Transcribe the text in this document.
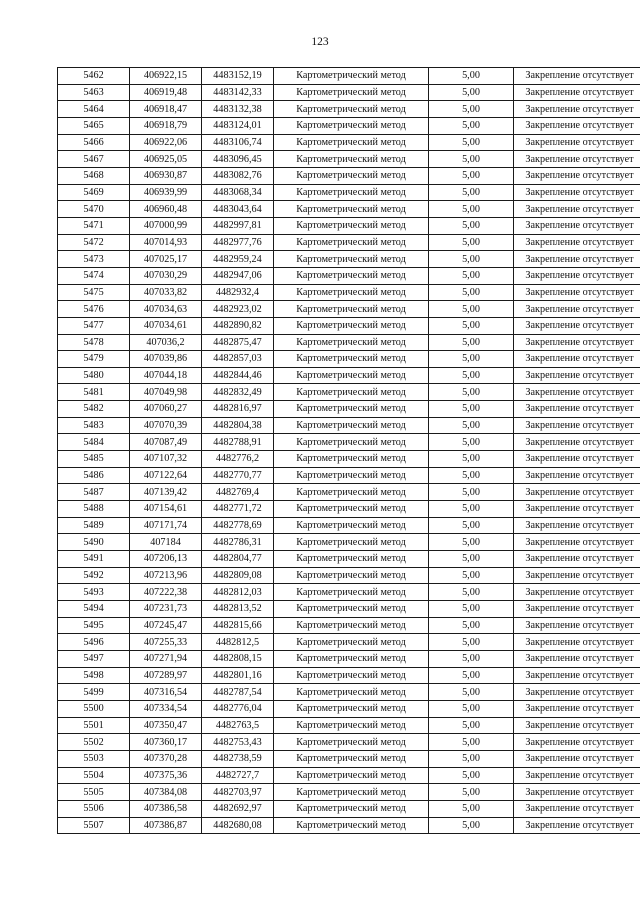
123
5462	406922,15	4483152,19	Картометрический метод	5,00	Закрепление отсутствует
5463	406919,48	4483142,33	Картометрический метод	5,00	Закрепление отсутствует
5464	406918,47	4483132,38	Картометрический метод	5,00	Закрепление отсутствует
5465	406918,79	4483124,01	Картометрический метод	5,00	Закрепление отсутствует
5466	406922,06	4483106,74	Картометрический метод	5,00	Закрепление отсутствует
5467	406925,05	4483096,45	Картометрический метод	5,00	Закрепление отсутствует
5468	406930,87	4483082,76	Картометрический метод	5,00	Закрепление отсутствует
5469	406939,99	4483068,34	Картометрический метод	5,00	Закрепление отсутствует
5470	406960,48	4483043,64	Картометрический метод	5,00	Закрепление отсутствует
5471	407000,99	4482997,81	Картометрический метод	5,00	Закрепление отсутствует
5472	407014,93	4482977,76	Картометрический метод	5,00	Закрепление отсутствует
5473	407025,17	4482959,24	Картометрический метод	5,00	Закрепление отсутствует
5474	407030,29	4482947,06	Картометрический метод	5,00	Закрепление отсутствует
5475	407033,82	4482932,4	Картометрический метод	5,00	Закрепление отсутствует
5476	407034,63	4482923,02	Картометрический метод	5,00	Закрепление отсутствует
5477	407034,61	4482890,82	Картометрический метод	5,00	Закрепление отсутствует
5478	407036,2	4482875,47	Картометрический метод	5,00	Закрепление отсутствует
5479	407039,86	4482857,03	Картометрический метод	5,00	Закрепление отсутствует
5480	407044,18	4482844,46	Картометрический метод	5,00	Закрепление отсутствует
5481	407049,98	4482832,49	Картометрический метод	5,00	Закрепление отсутствует
5482	407060,27	4482816,97	Картометрический метод	5,00	Закрепление отсутствует
5483	407070,39	4482804,38	Картометрический метод	5,00	Закрепление отсутствует
5484	407087,49	4482788,91	Картометрический метод	5,00	Закрепление отсутствует
5485	407107,32	4482776,2	Картометрический метод	5,00	Закрепление отсутствует
5486	407122,64	4482770,77	Картометрический метод	5,00	Закрепление отсутствует
5487	407139,42	4482769,4	Картометрический метод	5,00	Закрепление отсутствует
5488	407154,61	4482771,72	Картометрический метод	5,00	Закрепление отсутствует
5489	407171,74	4482778,69	Картометрический метод	5,00	Закрепление отсутствует
5490	407184	4482786,31	Картометрический метод	5,00	Закрепление отсутствует
5491	407206,13	4482804,77	Картометрический метод	5,00	Закрепление отсутствует
5492	407213,96	4482809,08	Картометрический метод	5,00	Закрепление отсутствует
5493	407222,38	4482812,03	Картометрический метод	5,00	Закрепление отсутствует
5494	407231,73	4482813,52	Картометрический метод	5,00	Закрепление отсутствует
5495	407245,47	4482815,66	Картометрический метод	5,00	Закрепление отсутствует
5496	407255,33	4482812,5	Картометрический метод	5,00	Закрепление отсутствует
5497	407271,94	4482808,15	Картометрический метод	5,00	Закрепление отсутствует
5498	407289,97	4482801,16	Картометрический метод	5,00	Закрепление отсутствует
5499	407316,54	4482787,54	Картометрический метод	5,00	Закрепление отсутствует
5500	407334,54	4482776,04	Картометрический метод	5,00	Закрепление отсутствует
5501	407350,47	4482763,5	Картометрический метод	5,00	Закрепление отсутствует
5502	407360,17	4482753,43	Картометрический метод	5,00	Закрепление отсутствует
5503	407370,28	4482738,59	Картометрический метод	5,00	Закрепление отсутствует
5504	407375,36	4482727,7	Картометрический метод	5,00	Закрепление отсутствует
5505	407384,08	4482703,97	Картометрический метод	5,00	Закрепление отсутствует
5506	407386,58	4482692,97	Картометрический метод	5,00	Закрепление отсутствует
5507	407386,87	4482680,08	Картометрический метод	5,00	Закрепление отсутствует
